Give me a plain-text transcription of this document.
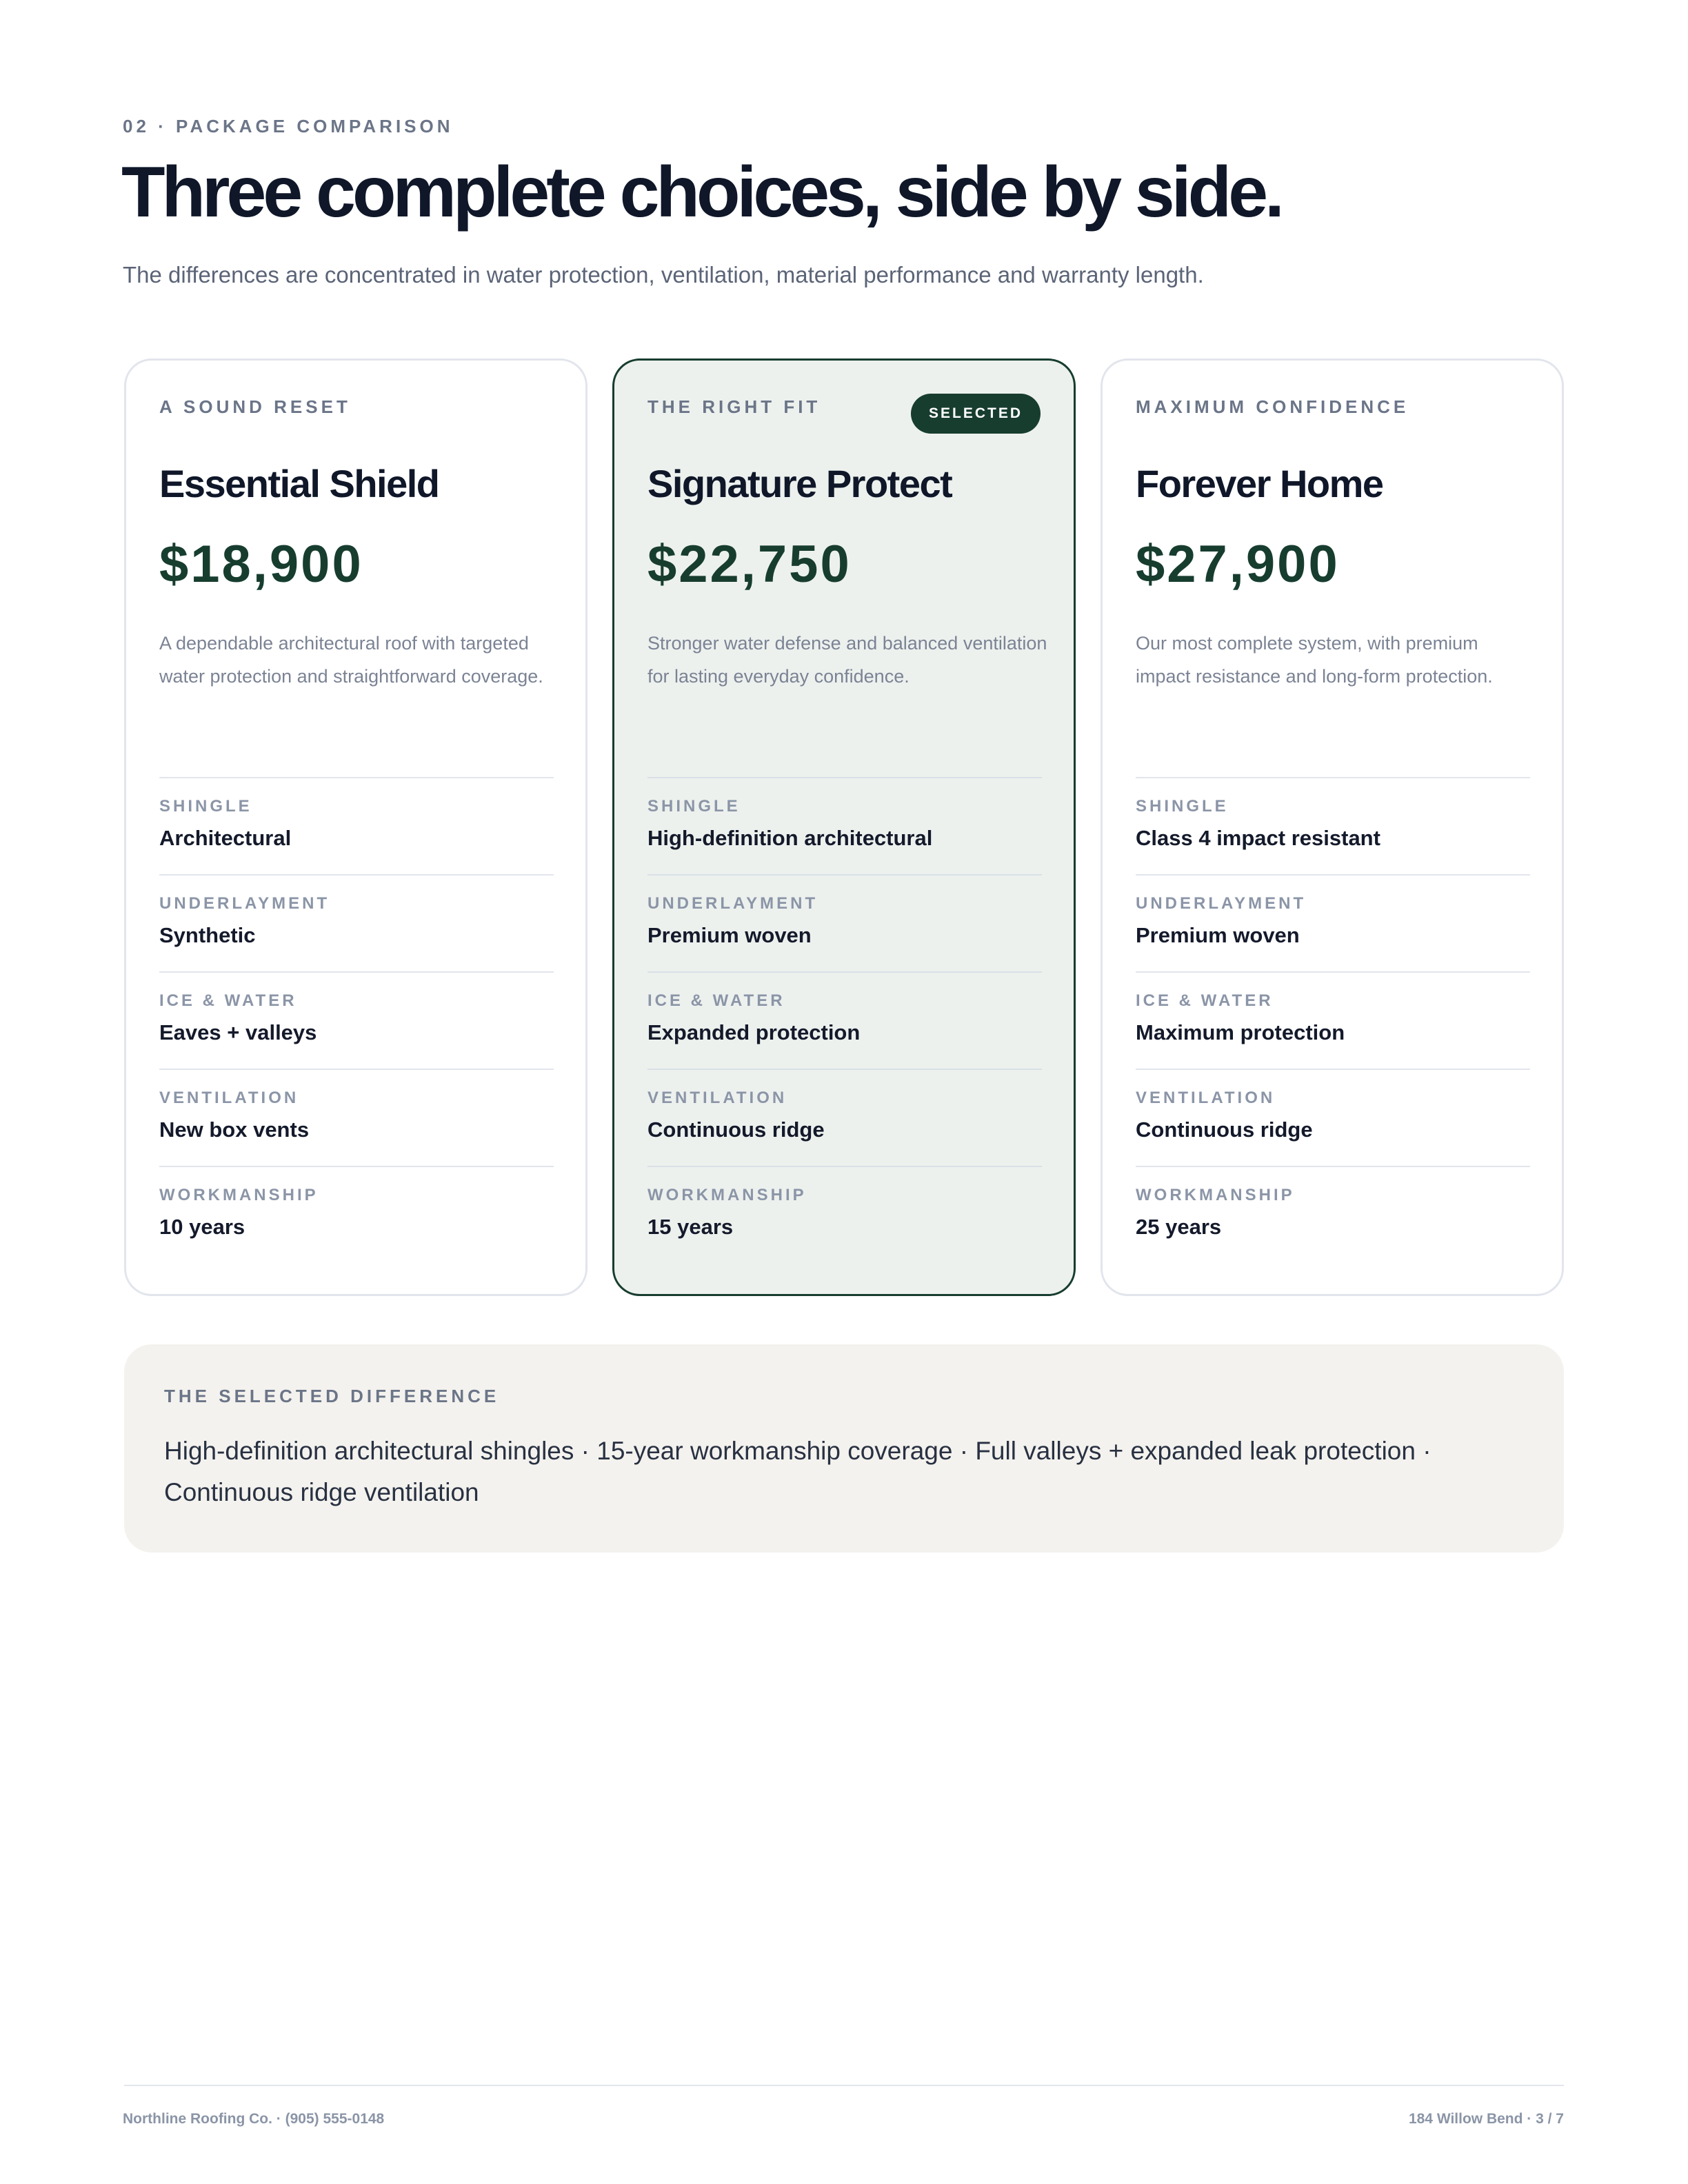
02 · PACKAGE COMPARISON
Three complete choices, side by side.

The differences are concentrated in water protection, ventilation, material performance and warranty length.

A SOUND RESET
Essential Shield
$18,900
A dependable architectural roof with targeted water protection and straightforward coverage.
SHINGLE
Architectural
UNDERLAYMENT
Synthetic
ICE & WATER
Eaves + valleys
VENTILATION
New box vents
WORKMANSHIP
10 years
THE RIGHT FIT	SELECTED
Signature Protect
$22,750
Stronger water defense and balanced ventilation for lasting everyday confidence.
SHINGLE
High-definition architectural
UNDERLAYMENT
Premium woven
ICE & WATER
Expanded protection
VENTILATION
Continuous ridge
WORKMANSHIP
15 years
MAXIMUM CONFIDENCE
Forever Home
$27,900
Our most complete system, with premium impact resistance and long-form protection.
SHINGLE
Class 4 impact resistant
UNDERLAYMENT
Premium woven
ICE & WATER
Maximum protection
VENTILATION
Continuous ridge
WORKMANSHIP
25 years
THE SELECTED DIFFERENCE
High-definition architectural shingles · 15-year workmanship coverage · Full valleys + expanded leak protection · Continuous ridge ventilation
Northline Roofing Co. · (905) 555-0148	184 Willow Bend · 3 / 7
